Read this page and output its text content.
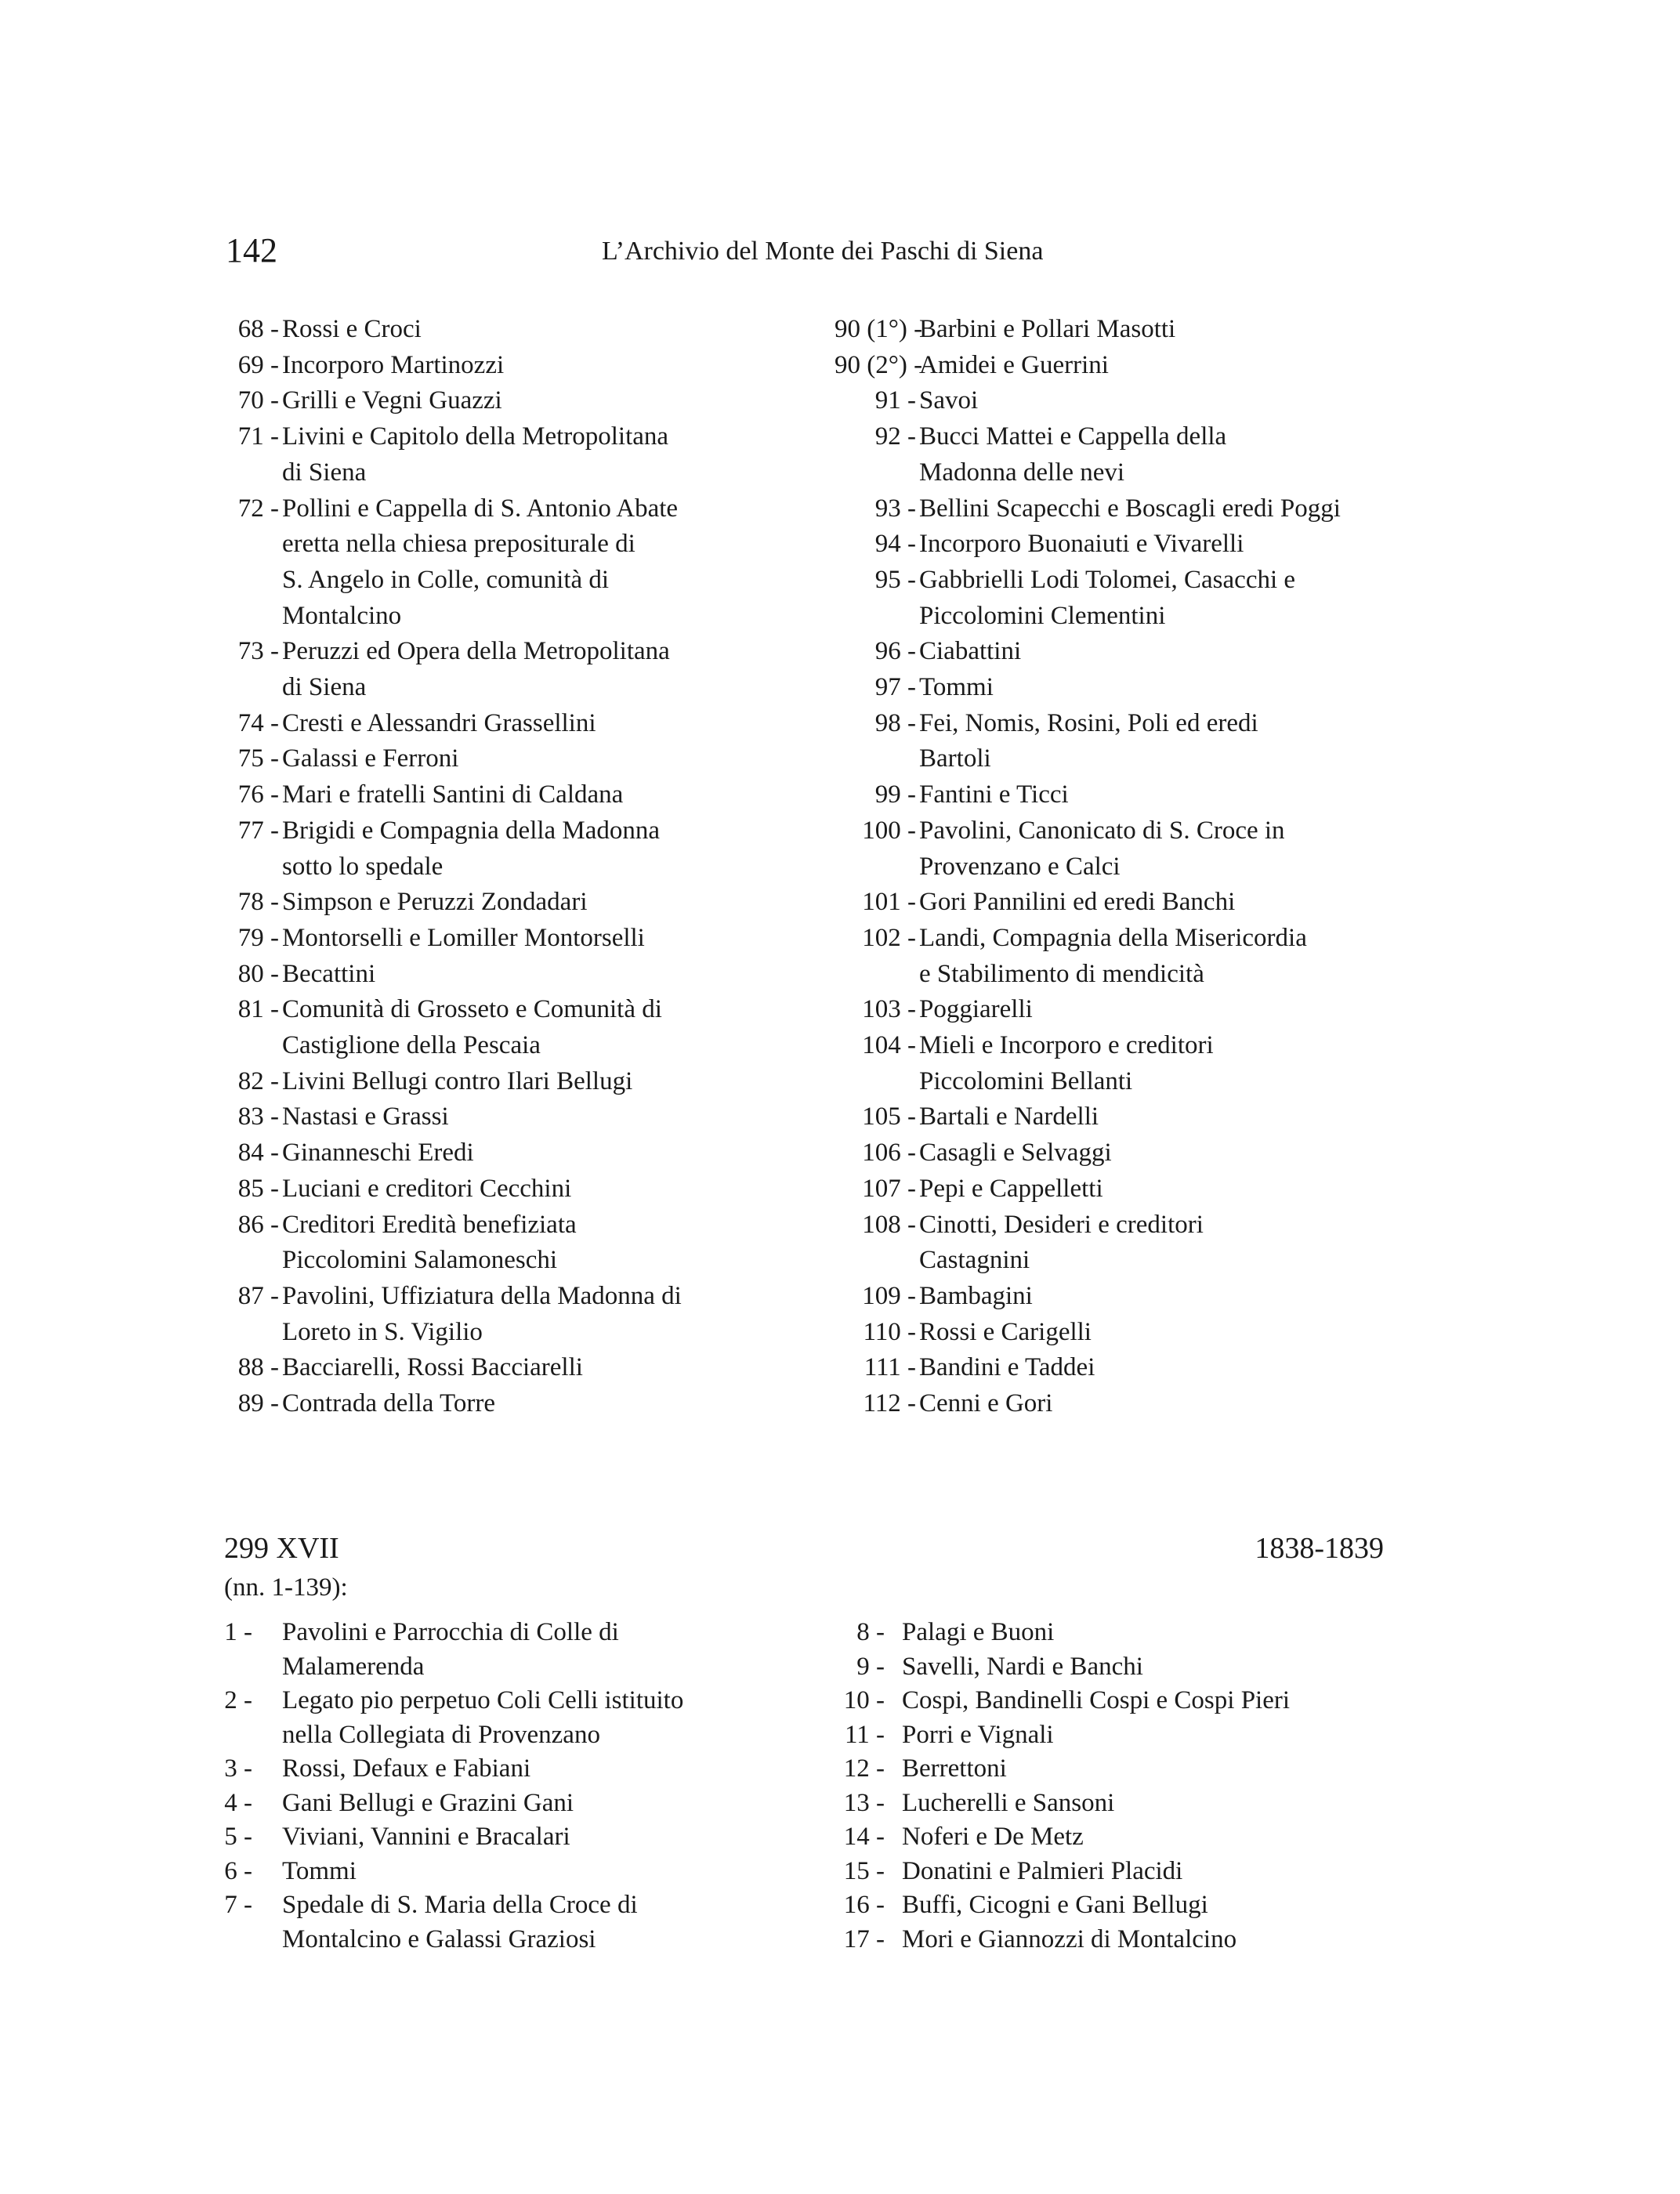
142	L’Archivio del Monte dei Paschi di Siena
68 - Rossi e Croci
69 - Incorporo Martinozzi
70 - Grilli e Vegni Guazzi
71 - Livini e Capitolo della Metropolitana
di Siena
72 - Pollini e Cappella di S. Antonio Abate
eretta nella chiesa prepositurale di
S. Angelo in Colle, comunità di
Montalcino
73 - Peruzzi ed Opera della Metropolitana
di Siena
74 - Cresti e Alessandri Grassellini
75 - Galassi e Ferroni
76 - Mari e fratelli Santini di Caldana
77 - Brigidi e Compagnia della Madonna
sotto lo spedale
78 - Simpson e Peruzzi Zondadari
79 - Montorselli e Lomiller Montorselli
80 - Becattini
81 - Comunità di Grosseto e Comunità di
Castiglione della Pescaia
82 - Livini Bellugi contro Ilari Bellugi
83 - Nastasi e Grassi
84 - Ginanneschi Eredi
85 - Luciani e creditori Cecchini
86 - Creditori Eredità benefiziata
Piccolomini Salamoneschi
87 - Pavolini, Uffiziatura della Madonna di
Loreto in S. Vigilio
88 - Bacciarelli, Rossi Bacciarelli
89 - Contrada della Torre
90 (1°) -
Barbini e Pollari Masotti
90 (2°) -
Amidei e Guerrini
91 - Savoi
92 - Bucci Mattei e Cappella della
Madonna delle nevi
93 - Bellini Scapecchi e Boscagli eredi Poggi
94 - Incorporo Buonaiuti e Vivarelli
95 - Gabbrielli Lodi Tolomei, Casacchi e
Piccolomini Clementini
96 - Ciabattini
97 - Tommi
98 - Fei, Nomis, Rosini, Poli ed eredi
Bartoli
99 - Fantini e Ticci
100 - Pavolini, Canonicato di S. Croce in
Provenzano e Calci
101 - Gori Pannilini ed eredi Banchi
102 - Landi, Compagnia della Misericordia
e Stabilimento di mendicità
103 - Poggiarelli
104 - Mieli e Incorporo e creditori
Piccolomini Bellanti
105 - Bartali e Nardelli
106 - Casagli e Selvaggi
107 - Pepi e Cappelletti
108 - Cinotti, Desideri e creditori
Castagnini
109 - Bambagini
110 - Rossi e Carigelli
111 - Bandini e Taddei
112 - Cenni e Gori
299 XVII	1838-1839
(nn. 1-139):
1 - Pavolini e Parrocchia di Colle di
Malamerenda
2 - Legato pio perpetuo Coli Celli istituito
nella Collegiata di Provenzano
3 - Rossi, Defaux e Fabiani
4 - Gani Bellugi e Grazini Gani
5 - Viviani, Vannini e Bracalari
6 - Tommi
7 - Spedale di S. Maria della Croce di
Montalcino e Galassi Graziosi
8 - Palagi e Buoni
9 - Savelli, Nardi e Banchi
10 - Cospi, Bandinelli Cospi e Cospi Pieri
11 - Porri e Vignali
12 - Berrettoni
13 - Lucherelli e Sansoni
14 - Noferi e De Metz
15 - Donatini e Palmieri Placidi
16 - Buffi, Cicogni e Gani Bellugi
17 - Mori e Giannozzi di Montalcino
